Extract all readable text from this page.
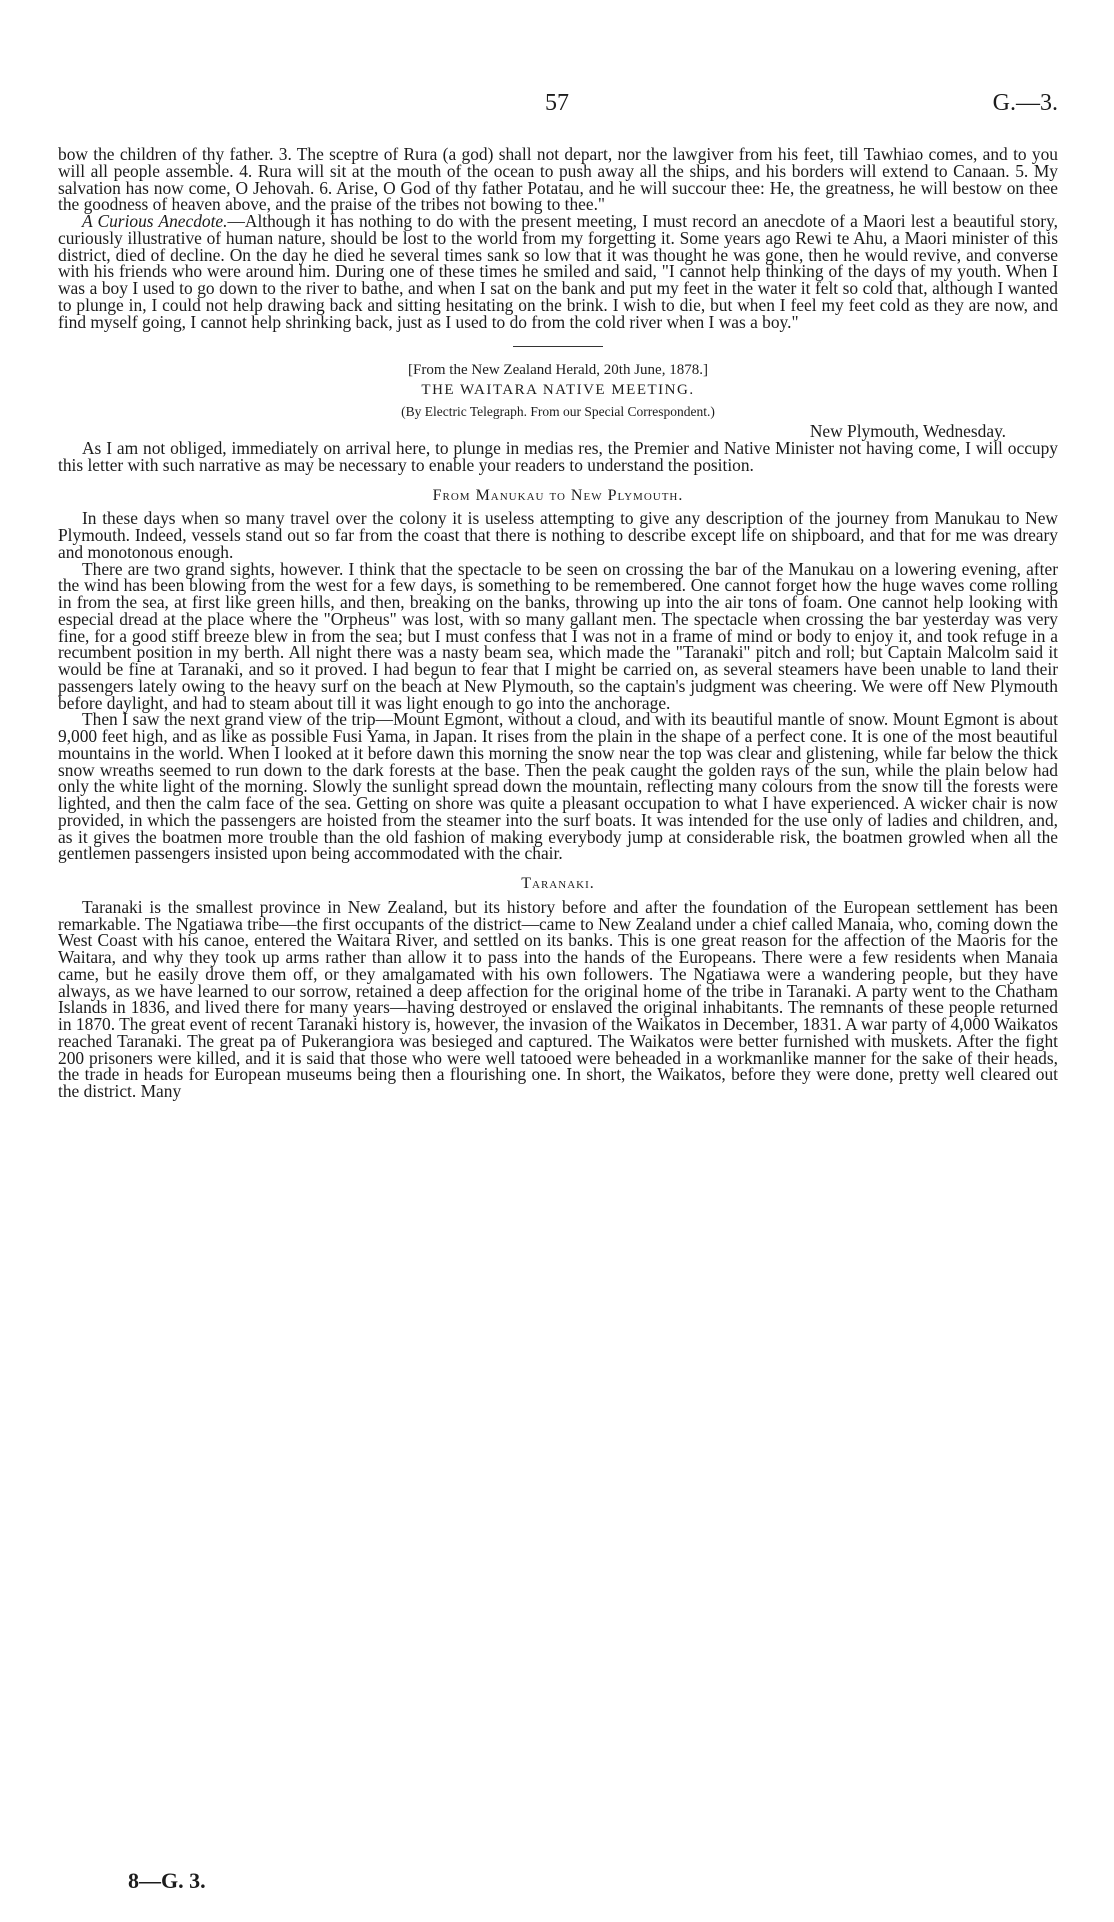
57	G.—3.

bow the children of thy father. 3. The sceptre of Rura (a god) shall not depart, nor the lawgiver from his feet, till Tawhiao comes, and to you will all people assemble. 4. Rura will sit at the mouth of the ocean to push away all the ships, and his borders will extend to Canaan. 5. My salvation has now come, O Jehovah. 6. Arise, O God of thy father Potatau, and he will succour thee: He, the greatness, he will bestow on thee the goodness of heaven above, and the praise of the tribes not bowing to thee."

A Curious Anecdote.—Although it has nothing to do with the present meeting, I must record an anecdote of a Maori lest a beautiful story, curiously illustrative of human nature, should be lost to the world from my forgetting it. Some years ago Rewi te Ahu, a Maori minister of this district, died of decline. On the day he died he several times sank so low that it was thought he was gone, then he would revive, and converse with his friends who were around him. During one of these times he smiled and said, "I cannot help thinking of the days of my youth. When I was a boy I used to go down to the river to bathe, and when I sat on the bank and put my feet in the water it felt so cold that, although I wanted to plunge in, I could not help drawing back and sitting hesitating on the brink. I wish to die, but when I feel my feet cold as they are now, and find myself going, I cannot help shrinking back, just as I used to do from the cold river when I was a boy."

[From the New Zealand Herald, 20th June, 1878.]
THE WAITARA NATIVE MEETING.
(By Electric Telegraph. From our Special Correspondent.)
New Plymouth, Wednesday.

As I am not obliged, immediately on arrival here, to plunge in medias res, the Premier and Native Minister not having come, I will occupy this letter with such narrative as may be necessary to enable your readers to understand the position.

From Manukau to New Plymouth.

In these days when so many travel over the colony it is useless attempting to give any description of the journey from Manukau to New Plymouth. Indeed, vessels stand out so far from the coast that there is nothing to describe except life on shipboard, and that for me was dreary and monotonous enough.

There are two grand sights, however. I think that the spectacle to be seen on crossing the bar of the Manukau on a lowering evening, after the wind has been blowing from the west for a few days, is something to be remembered. One cannot forget how the huge waves come rolling in from the sea, at first like green hills, and then, breaking on the banks, throwing up into the air tons of foam. One cannot help looking with especial dread at the place where the "Orpheus" was lost, with so many gallant men. The spectacle when crossing the bar yesterday was very fine, for a good stiff breeze blew in from the sea; but I must confess that I was not in a frame of mind or body to enjoy it, and took refuge in a recumbent position in my berth. All night there was a nasty beam sea, which made the "Taranaki" pitch and roll; but Captain Malcolm said it would be fine at Taranaki, and so it proved. I had begun to fear that I might be carried on, as several steamers have been unable to land their passengers lately owing to the heavy surf on the beach at New Plymouth, so the captain's judgment was cheering. We were off New Plymouth before daylight, and had to steam about till it was light enough to go into the anchorage.

Then I saw the next grand view of the trip—Mount Egmont, without a cloud, and with its beautiful mantle of snow. Mount Egmont is about 9,000 feet high, and as like as possible Fusi Yama, in Japan. It rises from the plain in the shape of a perfect cone. It is one of the most beautiful mountains in the world. When I looked at it before dawn this morning the snow near the top was clear and glistening, while far below the thick snow wreaths seemed to run down to the dark forests at the base. Then the peak caught the golden rays of the sun, while the plain below had only the white light of the morning. Slowly the sunlight spread down the mountain, reflecting many colours from the snow till the forests were lighted, and then the calm face of the sea. Getting on shore was quite a pleasant occupation to what I have experienced. A wicker chair is now provided, in which the passengers are hoisted from the steamer into the surf boats. It was intended for the use only of ladies and children, and, as it gives the boatmen more trouble than the old fashion of making everybody jump at considerable risk, the boatmen growled when all the gentlemen passengers insisted upon being accommodated with the chair.

Taranaki.

Taranaki is the smallest province in New Zealand, but its history before and after the foundation of the European settlement has been remarkable. The Ngatiawa tribe—the first occupants of the district—came to New Zealand under a chief called Manaia, who, coming down the West Coast with his canoe, entered the Waitara River, and settled on its banks. This is one great reason for the affection of the Maoris for the Waitara, and why they took up arms rather than allow it to pass into the hands of the Europeans. There were a few residents when Manaia came, but he easily drove them off, or they amalgamated with his own followers. The Ngatiawa were a wandering people, but they have always, as we have learned to our sorrow, retained a deep affection for the original home of the tribe in Taranaki. A party went to the Chatham Islands in 1836, and lived there for many years—having destroyed or enslaved the original inhabitants. The remnants of these people returned in 1870. The great event of recent Taranaki history is, however, the invasion of the Waikatos in December, 1831. A war party of 4,000 Waikatos reached Taranaki. The great pa of Pukerangiora was besieged and captured. The Waikatos were better furnished with muskets. After the fight 200 prisoners were killed, and it is said that those who were well tatooed were beheaded in a workmanlike manner for the sake of their heads, the trade in heads for European museums being then a flourishing one. In short, the Waikatos, before they were done, pretty well cleared out the district. Many

8—G. 3.
